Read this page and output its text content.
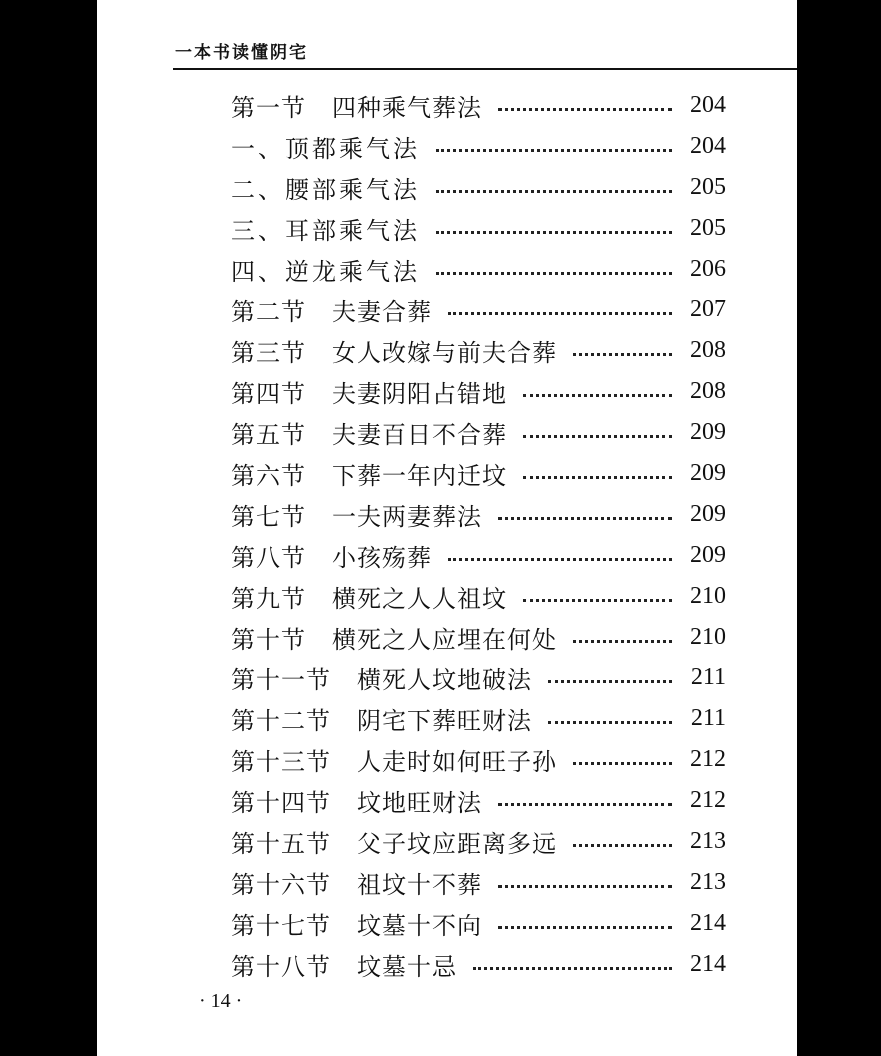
一本书读懂阴宅
第一节	四种乘气葬法	204
一、顶都乘气法	204
二、腰部乘气法	205
三、耳部乘气法	205
四、逆龙乘气法	206
第二节	夫妻合葬	207
第三节	女人改嫁与前夫合葬	208
第四节	夫妻阴阳占错地	208
第五节	夫妻百日不合葬	209
第六节	下葬一年内迁坟	209
第七节	一夫两妻葬法	209
第八节	小孩殇葬	209
第九节	横死之人人祖坟	210
第十节	横死之人应埋在何处	210
第十一节	横死人坟地破法	211
第十二节	阴宅下葬旺财法	211
第十三节	人走时如何旺子孙	212
第十四节	坟地旺财法	212
第十五节	父子坟应距离多远	213
第十六节	祖坟十不葬	213
第十七节	坟墓十不向	214
第十八节	坟墓十忌	214
· 14 ·
